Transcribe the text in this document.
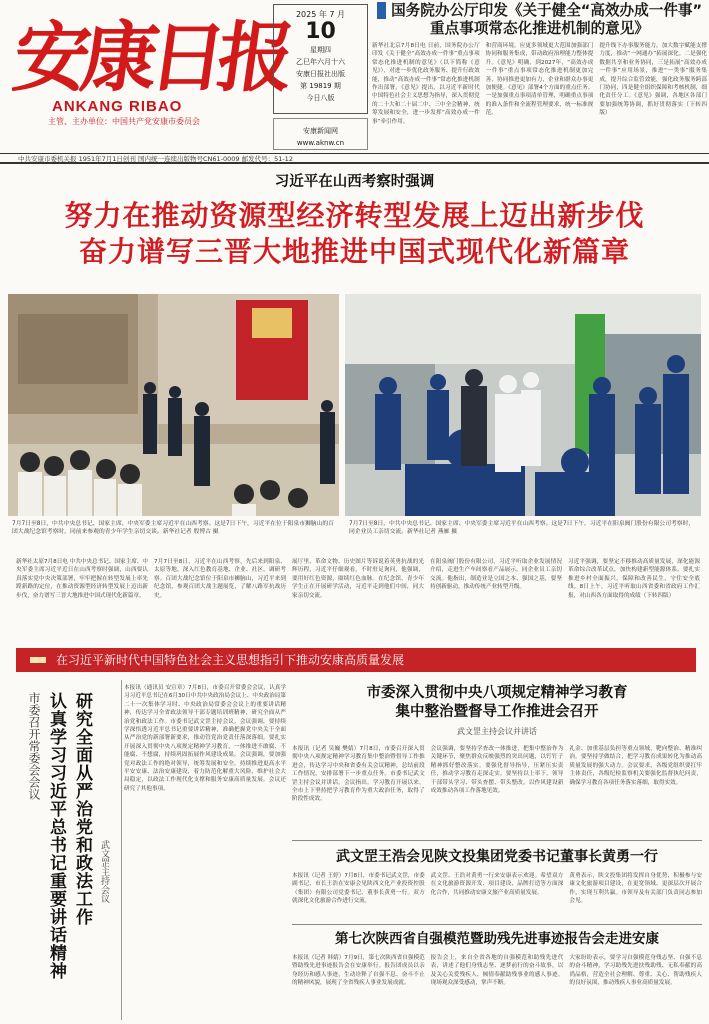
安康日报
ANKANG RIBAO
主管、主办单位：中国共产党安康市委员会
2025 年 7 月
10
星期四
乙巳年六月十六
安康日报社出版
第 19819 期
今日八版
安康新闻网
www.aknw.cn
国务院办公厅印发《关于健全“高效办成一件事”
重点事项常态化推进机制的意见》
新华社北京7月8日电 日前，国务院办公厅印发《关于健全“高效办成一件事”重点事项常态化推进机制的意见》（以下简称《意见》），对进一步优化政务服务、提升行政效能，推动“高效办成一件事”常态化推进机制作出部署。《意见》提出，以习近平新时代中国特色社会主义思想为指导，深入贯彻党的二十大和二十届二中、三中全会精神，统筹发展和安全，进一步发挥“高效办成一件事”牵引作用。
和营商环境，应更多领域更大范围加强部门协同和服务集成，带动政府治理能力整体提升。《意见》明确，到2027年，“高效办成一件事”重点事项常态化推进机制更加完善，协同推进更加有力，企业和群众办事更加便捷。《意见》部署4个方面的重点任务。一是加强重点事项清单管理，明确重点事项的准入条件和全流程管理要求，统一标准规范。
提升线下办事服务能力，加大数字赋能支撑力度，推动“一网通办”拓展深化。二是强化数据共享和业务协同，三是拓展“高效办成一件事”应用场景，推进“一类事”服务集成，提升综合监管效能，强化政务服务跨部门协同，四是健全组织保障和考核机制，细化责任分工。《意见》强调，各地区各部门要加强统筹协调，抓好贯彻落实（下转四版）
中共安康市委机关报 1951年7月1日创刊 国内统一连续出版物号CN61-0009 邮发代号：51-12
习近平在山西考察时强调
努力在推动资源型经济转型发展上迈出新步伐
奋力谱写三晋大地推进中国式现代化新篇章
7月7日至8日，中共中央总书记、国家主席、中央军委主席习近平在山西考察。这是7日下午，习近平在位于阳泉市狮脑山的百团大战纪念馆考察时，同前来参观的青少年学生亲切交谈。新华社记者 殷博古 摄
7月7日至8日，中共中央总书记、国家主席、中央军委主席习近平在山西考察。这是7日下午，习近平在阳泉阀门股份有限公司考察时，同企业员工亲切交流。新华社记者 燕雁 摄
新华社太原7月8日电 中共中央总书记、国家主席、中央军委主席习近平近日在山西考察时强调，山西要认真落实党中央决策部署，牢牢把握在转型发展上率先蹚新路的定位，在推动资源型经济转型发展上迈出新步伐，奋力谱写三晋大地推进中国式现代化新篇章。
7月7日至8日，习近平在山西考察，先后来到阳泉、太原等地，深入红色教育基地、企业、社区，调研考察。百团大战纪念馆位于阳泉市狮脑山，习近平来到纪念馆，参观百团大战主题展览，了解八路军抗战历史。
展厅里，革命文物、历史图片等诉说着英勇抗战的光辉历程，习近平仔细观看，不时驻足询问，他强调，要用好红色资源，赓续红色血脉。在纪念馆，青少年学生正在开展研学活动，习近平走到他们中间，同大家亲切交流。
在阳泉阀门股份有限公司，习近平听取企业发展情况介绍，走进生产车间察看产品展示，同企业员工亲切交流。他指出，制造业是立国之本、强国之基，要坚持创新驱动，推动传统产业转型升级。
习近平强调，要坚定不移推动高质量发展，深化能源革命综合改革试点，加快构建新型能源体系。要扎实推进乡村全面振兴，保障和改善民生，守住安全底线。8日上午，习近平听取山西省委和省政府工作汇报，对山西各方面取得的成绩（下转四版）
在习近平新时代中国特色社会主义思想指引下推动安康高质量发展
研究全面从严治党和政法工作
认真学习习近平总书记重要讲话精神
市委召开常委会会议
武文罡主持会议
本报讯（通讯员 安宣章）7月8日，市委召开常委会会议，认真学习习近平总书记在6月30日中共中央政治局会议上、中央政治局第二十一次集体学习时、中央政治局常委会会议上的重要讲话精神，传达学习全省政法领导干部专题培训班精神，研究全面从严治党和政法工作。市委书记武文罡主持会议。会议强调，要持续学深悟透习近平总书记重要讲话精神，准确把握党中央关于全面从严治党的新部署新要求，推动管党治党责任落深落细。要扎实开展深入贯彻中央八项规定精神学习教育，一体推进不敢腐、不能腐、不想腐，持续巩固拓展作风建设成果。会议强调，要加强党对政法工作的绝对领导，统筹发展和安全，持续推进更高水平平安安康、法治安康建设，着力防范化解重大风险，维护社会大局稳定，以政法工作现代化支撑和服务安康高质量发展。会议还研究了其他事项。
市委深入贯彻中央八项规定精神学习教育
集中整治暨督导工作推进会召开
武文罡主持会议并讲话
本报讯（记者 吴巍 樊婧）7月8日，市委召开深入贯彻中央八项规定精神学习教育集中整治暨督导工作推进会，传达学习中央和省委有关会议精神，总结前段工作情况，安排部署下一步重点任务。市委书记武文罡主持会议并讲话。会议指出，学习教育开展以来，全市上下坚持把学习教育作为重大政治任务，取得了阶段性成效。
会议强调，要坚持学查改一体推进，把集中整治作为关键环节，聚焦群众反映强烈的突出问题，以钉钉子精神抓好整改落实。要强化督导指导，压紧压实责任，推动学习教育走深走实。要坚持以上率下，领导干部带头学习、带头查摆、带头整改，以作风建设新成效推动各项工作落地见效。
礼金、加重基层负担等重点领域，靶向整治、精准纠治。要坚持学做结合，把学习教育成果转化为推动高质量发展的强大动力。会议要求，各级党组织要扛牢主体责任，各级纪检监察机关要强化监督执纪问责，确保学习教育各项任务落实落细，取得实效。
武文罡王浩会见陕文投集团党委书记董事长黄勇一行
本报讯（记者 王婷）7月8日，市委书记武文罡，市委副书记、市长王浩在安康会见陕西文化产业投资控股（集团）有限公司党委书记、董事长黄勇一行。双方就深化文化旅游合作进行交流。
武文罡、王浩对黄勇一行来安康表示欢迎。希望双方在文化旅游资源开发、项目建设、品牌打造等方面深化合作，共同推动安康文旅产业高质量发展。
黄勇表示，陕文投集团将发挥自身优势，积极参与安康文化旅游项目建设，在更宽领域、更深层次开展合作，实现互利共赢。市领导及有关部门负责同志参加会见。
第七次陕西省自强模范暨助残先进事迹报告会走进安康
本报讯（记者 韩婧）7月9日，第七次陕西省自强模范暨助残先进事迹报告会在安康举行。报告团成员以亲身经历和感人事迹，生动诠释了自强不息、奋斗不止的精神风貌，展现了全省残疾人事业发展成就。
报告会上，来自全省各地的自强模范和助残先进代表，讲述了他们身残志坚、逐梦前行的奋斗故事，以及关心关爱残疾人、倾情奉献助残事业的感人事迹。现场观众深受感动，掌声不断。
大家纷纷表示，要学习自强模范身残志坚、自强不息的奋斗精神，学习助残先进扶残助残、无私奉献的高尚品格，营造全社会理解、尊重、关心、帮助残疾人的良好氛围，推动残疾人事业高质量发展。
